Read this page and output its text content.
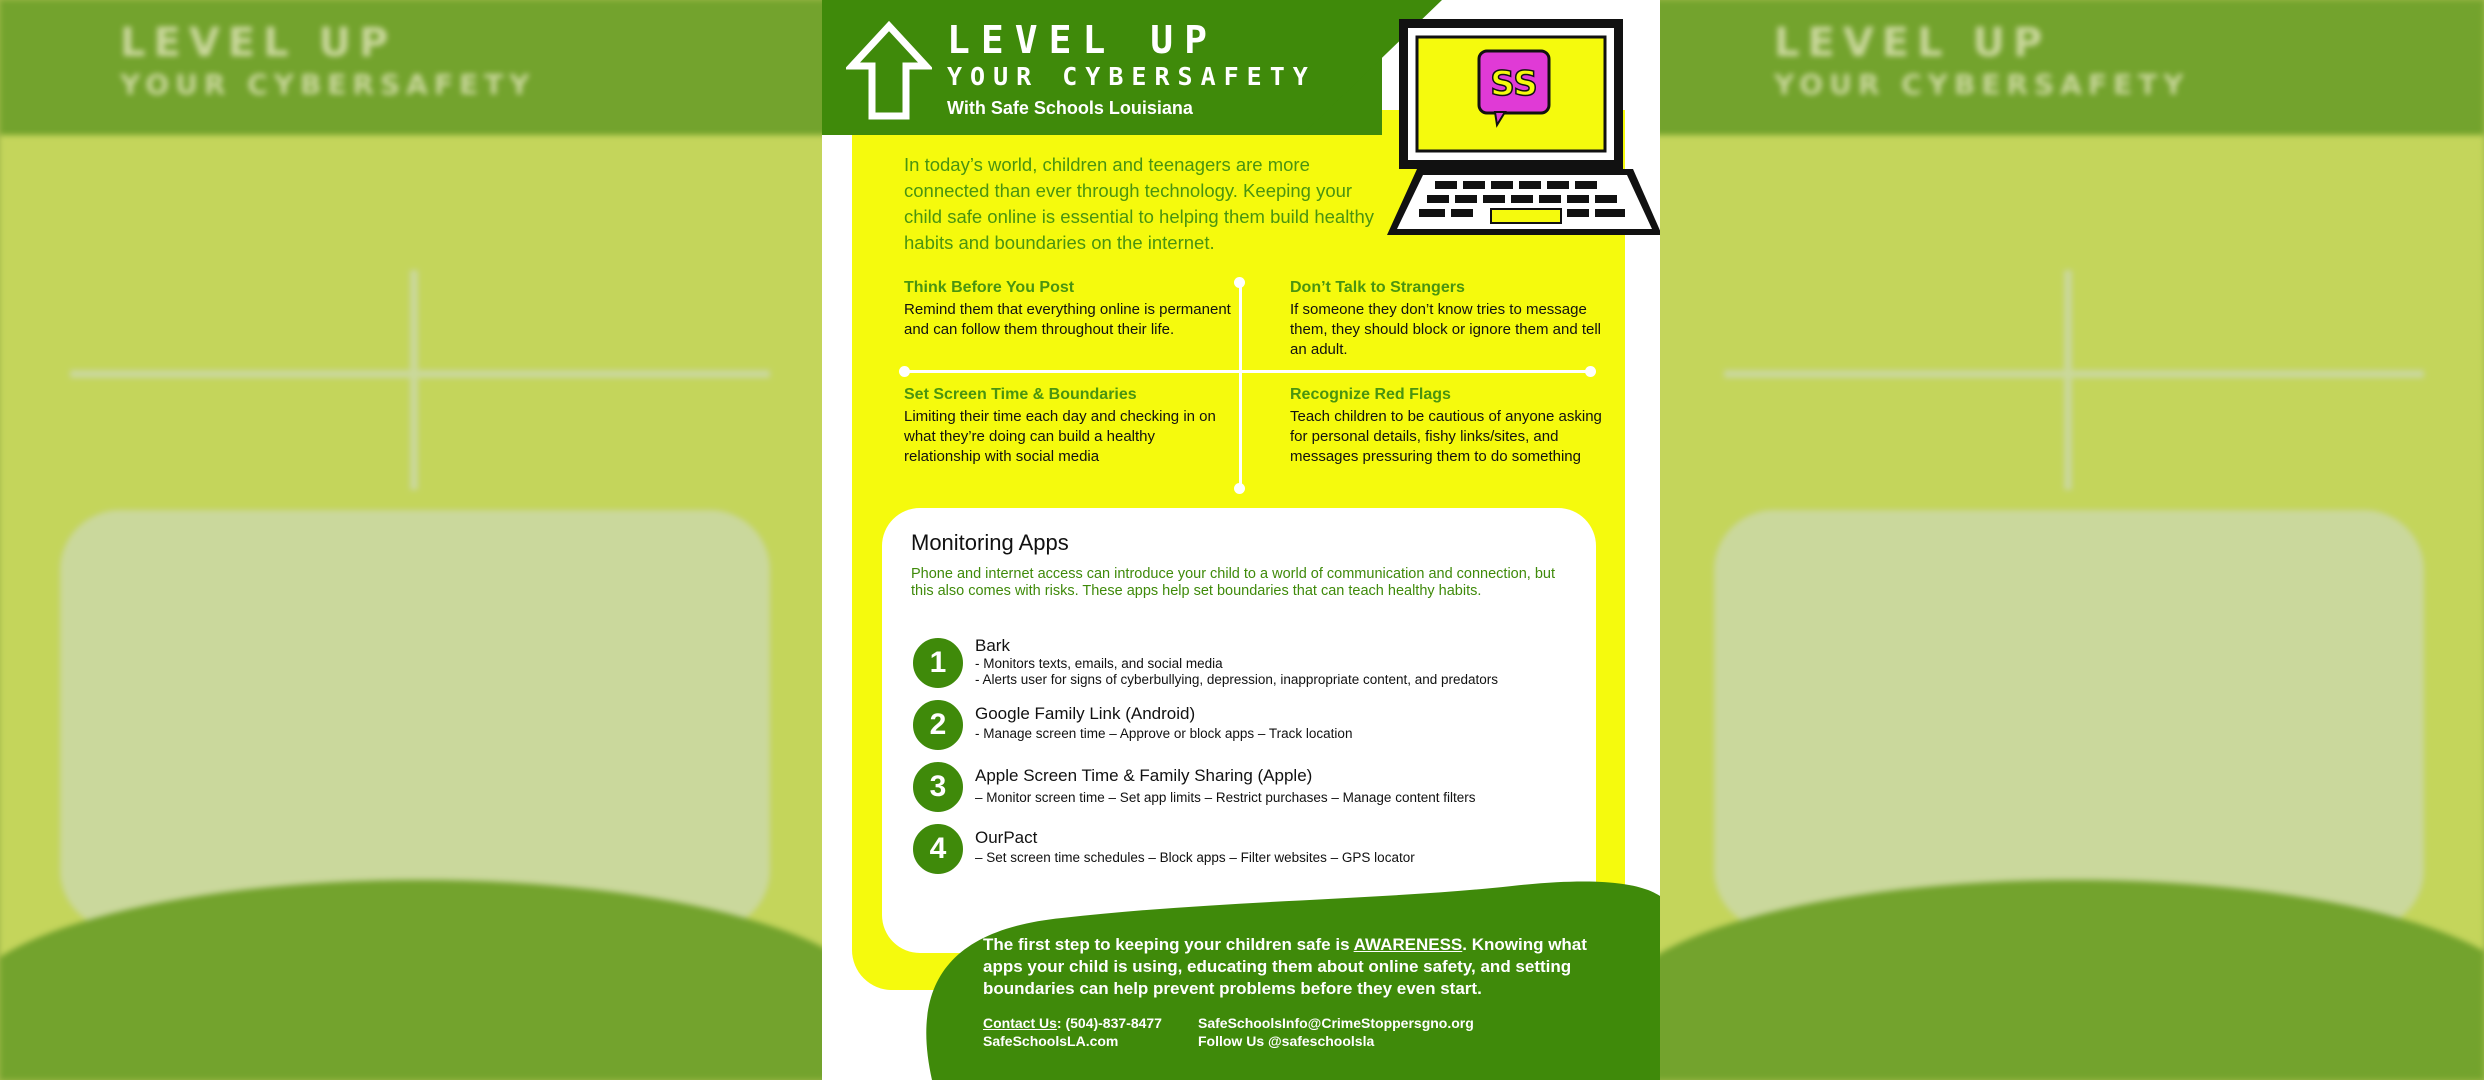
LEVEL UP
YOUR CYBERSAFETY
LEVEL UP
YOUR CYBERSAFETY
LEVEL UP
YOUR CYBERSAFETY
With Safe Schools Louisiana
SS
In today’s world, children and teenagers are more connected than ever through technology. Keeping your child safe online is essential to helping them build healthy habits and boundaries on the internet.
Think Before You Post
Remind them that everything online is permanent and can follow them throughout their life.
Don’t Talk to Strangers
If someone they don’t know tries to message them, they should block or ignore them and tell an adult.
Set Screen Time & Boundaries
Limiting their time each day and checking in on what they’re doing can build a healthy relationship with social media
Recognize Red Flags
Teach children to be cautious of anyone asking for personal details, fishy links/sites, and messages pressuring them to do something
Monitoring Apps
Phone and internet access can introduce your child to a world of communication and connection, but this also comes with risks. These apps help set boundaries that can teach healthy habits.
1
Bark
- Monitors texts, emails, and social media
- Alerts user for signs of cyberbullying, depression, inappropriate content, and predators
2	Google Family Link (Android)
- Manage screen time – Approve or block apps – Track location
3	Apple Screen Time & Family Sharing (Apple)
– Monitor screen time – Set app limits – Restrict purchases – Manage content filters
4	OurPact
– Set screen time schedules – Block apps – Filter websites – GPS locator
The first step to keeping your children safe is AWARENESS. Knowing what apps your child is using, educating them about online safety, and setting boundaries can help prevent problems before they even start.
Contact Us: (504)-837-8477
SafeSchoolsLA.com
SafeSchoolsInfo@CrimeStoppersgno.org
Follow Us @safeschoolsla
